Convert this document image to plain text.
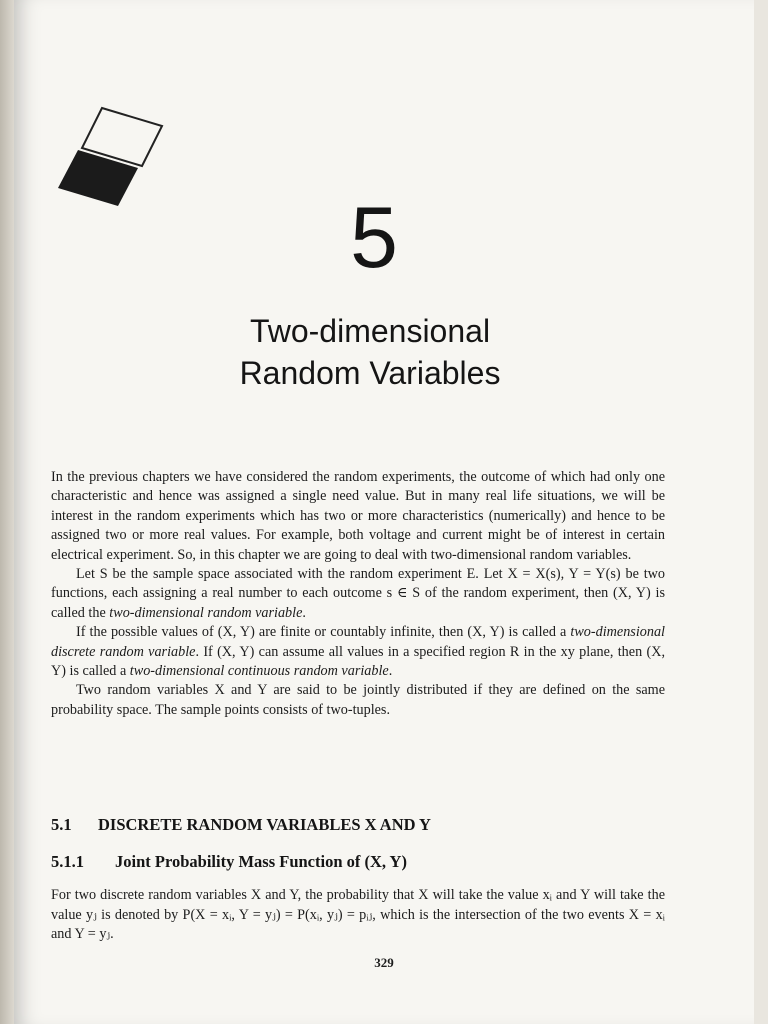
5
Two-dimensional
Random Variables

In the previous chapters we have considered the random experiments, the outcome of which had only one characteristic and hence was assigned a single need value. But in many real life situations, we will be interest in the random experiments which has two or more characteristics (numerically) and hence to be assigned two or more real values. For example, both voltage and current might be of interest in certain electrical experiment. So, in this chapter we are going to deal with two-dimensional random variables.

Let S be the sample space associated with the random experiment E. Let X = X(s), Y = Y(s) be two functions, each assigning a real number to each outcome s ∈ S of the random experiment, then (X, Y) is called the two-dimensional random variable.

If the possible values of (X, Y) are finite or countably infinite, then (X, Y) is called a two-dimensional discrete random variable. If (X, Y) can assume all values in a specified region R in the xy plane, then (X, Y) is called a two-dimensional continuous random variable.

Two random variables X and Y are said to be jointly distributed if they are defined on the same probability space. The sample points consists of two-tuples.

5.1 DISCRETE RANDOM VARIABLES X AND Y
5.1.1 Joint Probability Mass Function of (X, Y)

For two discrete random variables X and Y, the probability that X will take the value xᵢ and Y will take the value yⱼ is denoted by P(X = xᵢ, Y = yⱼ) = P(xᵢ, yⱼ) = pᵢⱼ, which is the intersection of the two events X = xᵢ and Y = yⱼ.

329
